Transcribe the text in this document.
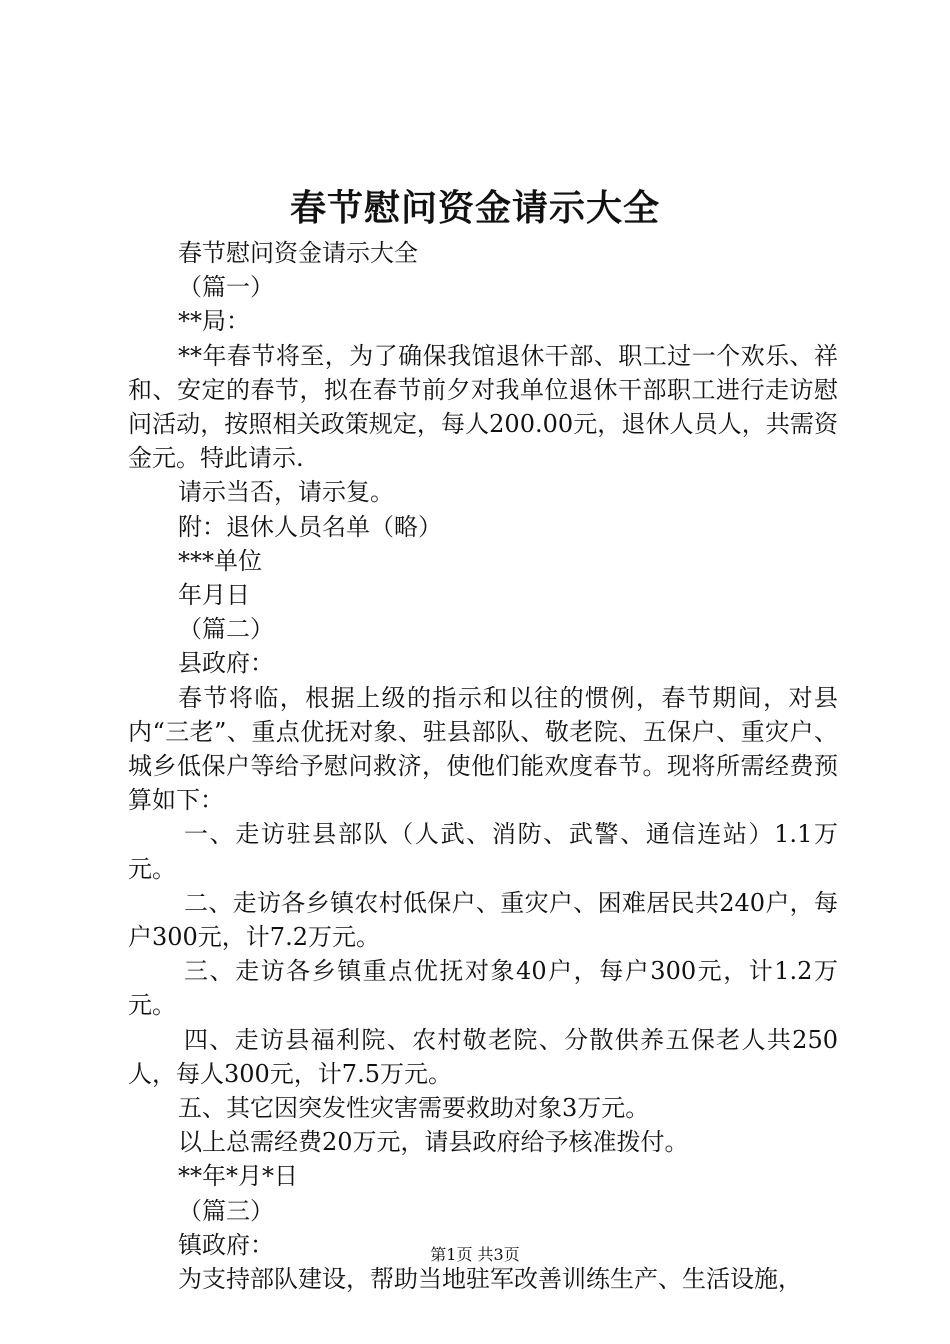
春节慰问资金请示大全

春节慰问资金请示大全

（篇一）

**局：

**年春节将至，为了确保我馆退休干部、职工过一个欢乐、祥和、安定的春节，拟在春节前夕对我单位退休干部职工进行走访慰问活动，按照相关政策规定，每人200.00元，退休人员人，共需资金元。特此请示.

请示当否，请示复。

附：退休人员名单（略）

***单位

年月日

（篇二）

县政府：

春节将临，根据上级的指示和以往的惯例，春节期间，对县内“三老”、重点优抚对象、驻县部队、敬老院、五保户、重灾户、城乡低保户等给予慰问救济，使他们能欢度春节。现将所需经费预算如下：

一、走访驻县部队（人武、消防、武警、通信连站）1.1万元。

二、走访各乡镇农村低保户、重灾户、困难居民共240户，每户300元，计7.2万元。

三、走访各乡镇重点优抚对象40户，每户300元，计1.2万元。

四、走访县福利院、农村敬老院、分散供养五保老人共250人，每人300元，计7.5万元。

五、其它因突发性灾害需要救助对象3万元。

以上总需经费20万元，请县政府给予核准拨付。

**年*月*日

（篇三）

镇政府：

为支持部队建设，帮助当地驻军改善训练生产、生活设施，

第1页 共3页
